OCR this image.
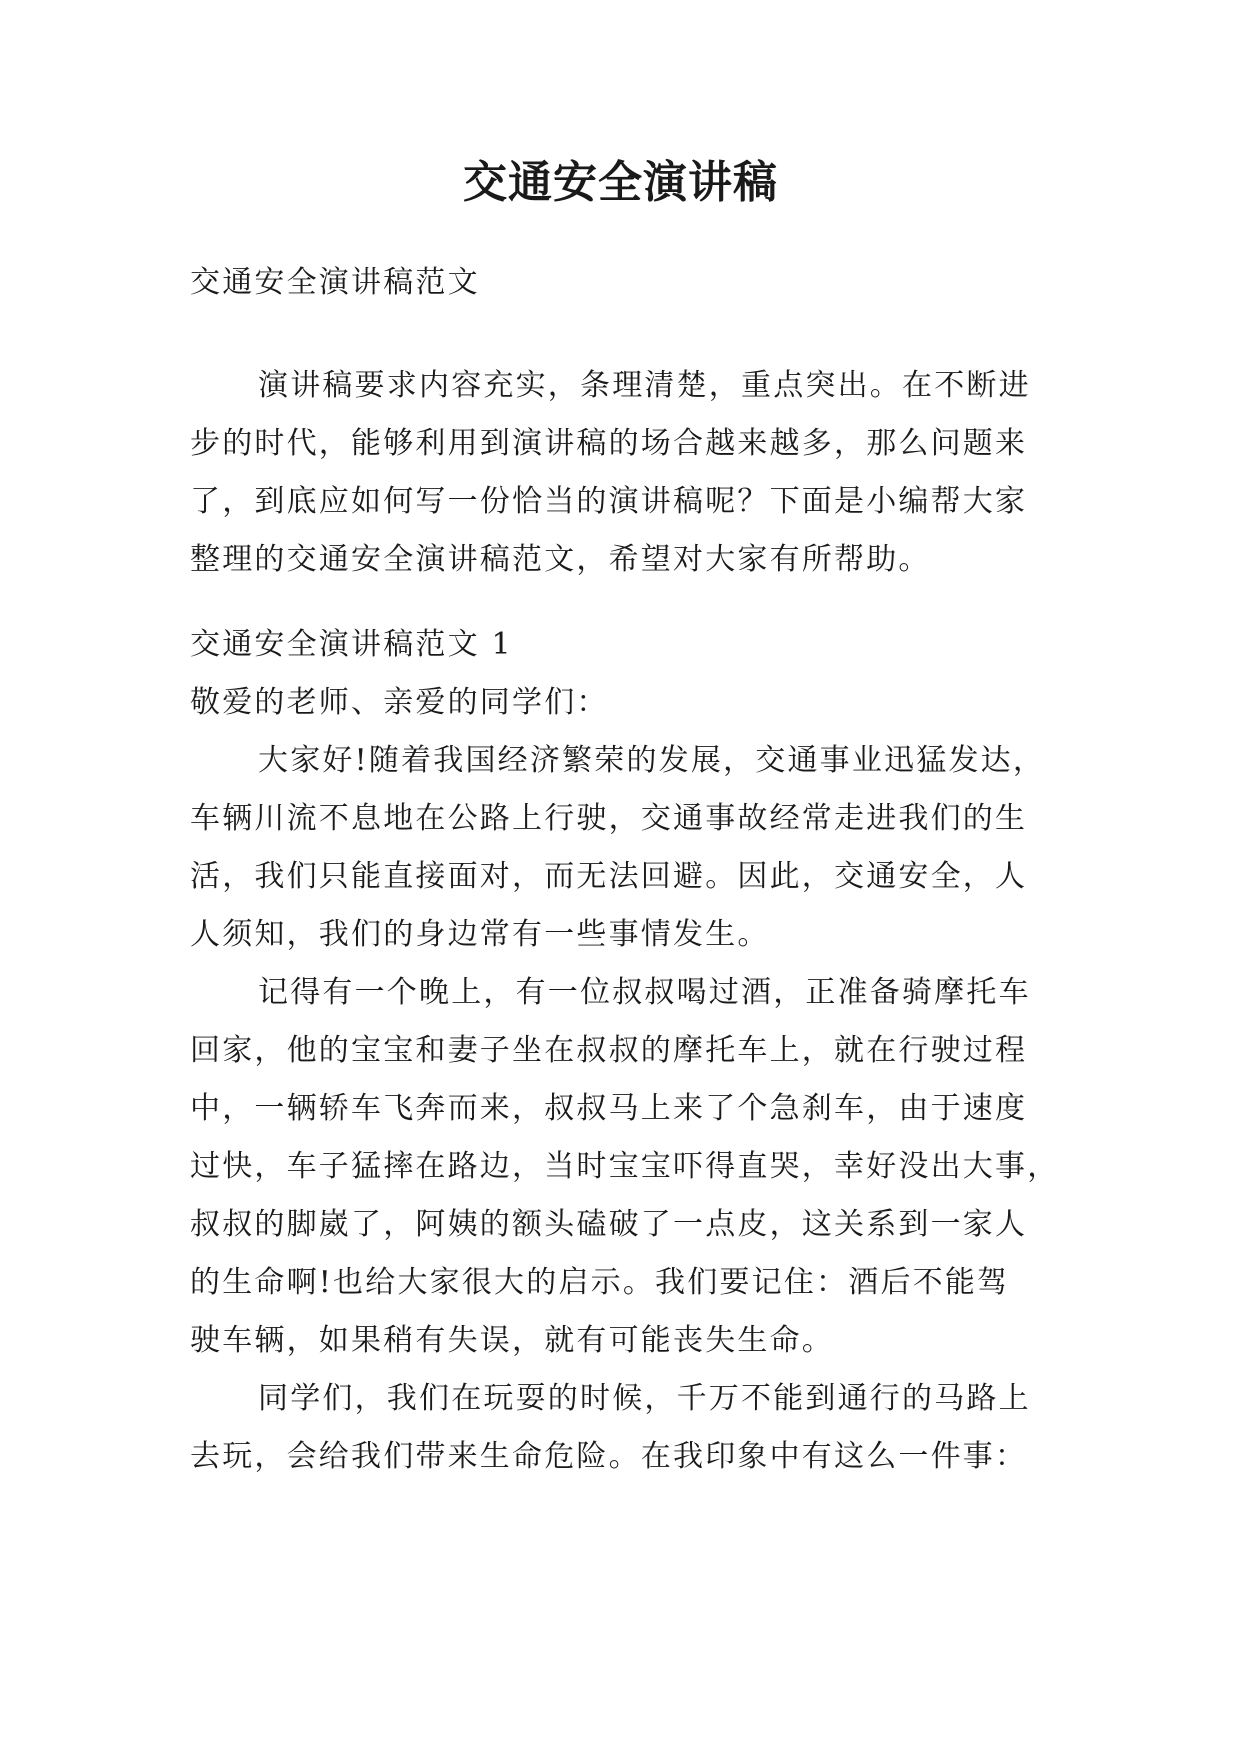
交通安全演讲稿
交通安全演讲稿范文
演讲稿要求内容充实，条理清楚，重点突出。在不断进
步的时代，能够利用到演讲稿的场合越来越多，那么问题来
了，到底应如何写一份恰当的演讲稿呢？下面是小编帮大家
整理的交通安全演讲稿范文，希望对大家有所帮助。
交通安全演讲稿范文 1
敬爱的老师、亲爱的同学们：
大家好!随着我国经济繁荣的发展，交通事业迅猛发达，
车辆川流不息地在公路上行驶，交通事故经常走进我们的生
活，我们只能直接面对，而无法回避。因此，交通安全，人
人须知，我们的身边常有一些事情发生。
记得有一个晚上，有一位叔叔喝过酒，正准备骑摩托车
回家，他的宝宝和妻子坐在叔叔的摩托车上，就在行驶过程
中，一辆轿车飞奔而来，叔叔马上来了个急刹车，由于速度
过快，车子猛摔在路边，当时宝宝吓得直哭，幸好没出大事，
叔叔的脚崴了，阿姨的额头磕破了一点皮，这关系到一家人
的生命啊!也给大家很大的启示。我们要记住：酒后不能驾
驶车辆，如果稍有失误，就有可能丧失生命。
同学们，我们在玩耍的时候，千万不能到通行的马路上
去玩，会给我们带来生命危险。在我印象中有这么一件事：
